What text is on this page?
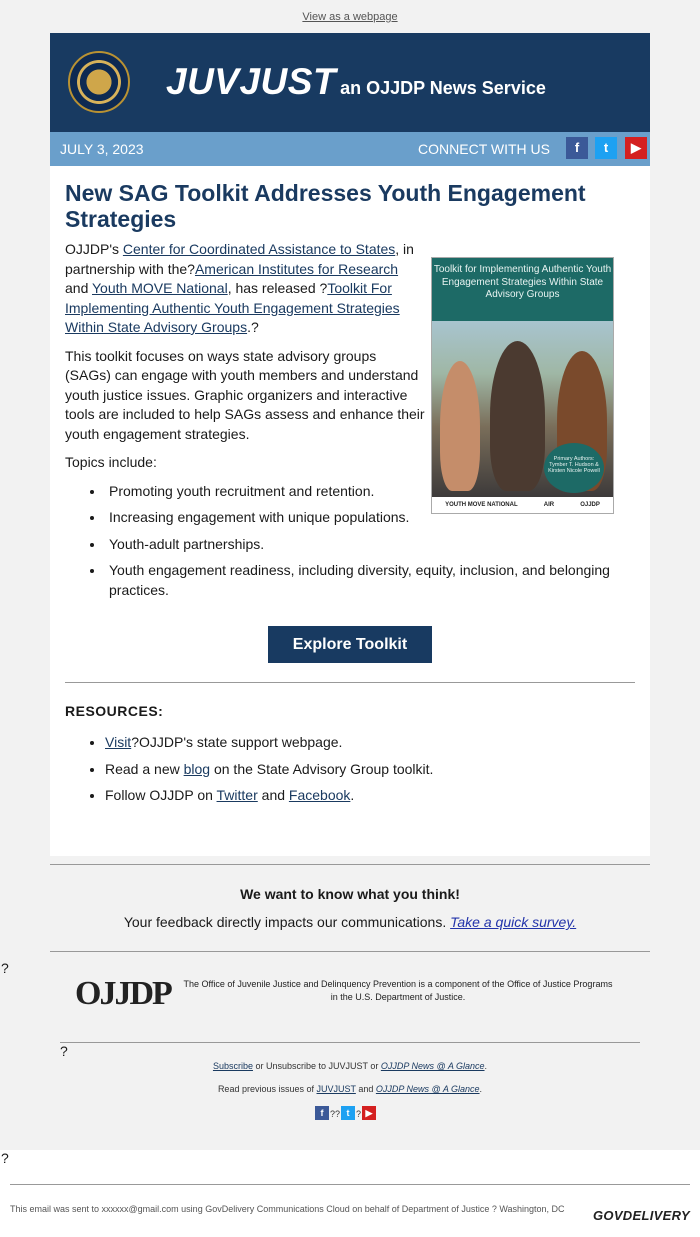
View as a webpage
JUVJUST an OJJDP News Service
JULY 3, 2023	CONNECT WITH US	f	t	▶
New SAG Toolkit Addresses Youth Engagement Strategies
Toolkit for Implementing Authentic Youth Engagement Strategies Within State Advisory Groups
Primary Authors: Tymber T. Hudson & Kirsten Nicole Powell
YOUTH MOVE NATIONAL	AIR	OJJDP

OJJDP's Center for Coordinated Assistance to States, in partnership with the?American Institutes for Research and Youth MOVE National, has released ?Toolkit For Implementing Authentic Youth Engagement Strategies Within State Advisory Groups.?

This toolkit focuses on ways state advisory groups (SAGs) can engage with youth members and understand youth justice issues. Graphic organizers and interactive tools are included to help SAGs assess and enhance their youth engagement strategies.

Topics include:

• Promoting youth recruitment and retention.
• Increasing engagement with unique populations.
• Youth-adult partnerships.
• Youth engagement readiness, including diversity, equity, inclusion, and belonging practices.
Explore Toolkit
RESOURCES:
• Visit?OJJDP's state support webpage.
• Read a new blog on the State Advisory Group toolkit.
• Follow OJJDP on Twitter and Facebook.
We want to know what you think!
Your feedback directly impacts our communications. Take a quick survey.
?
OJJDP	The Office of Juvenile Justice and Delinquency Prevention is a component of the Office of Justice Programs in the U.S. Department of Justice.
?
Subscribe or Unsubscribe to JUVJUST or OJJDP News @ A Glance.
Read previous issues of JUVJUST and OJJDP News @ A Glance.
f ?? t ? ▶
?
This email was sent to xxxxxx@gmail.com using GovDelivery Communications Cloud on behalf of Department of Justice ? Washington, DC	GOVDELIVERY
